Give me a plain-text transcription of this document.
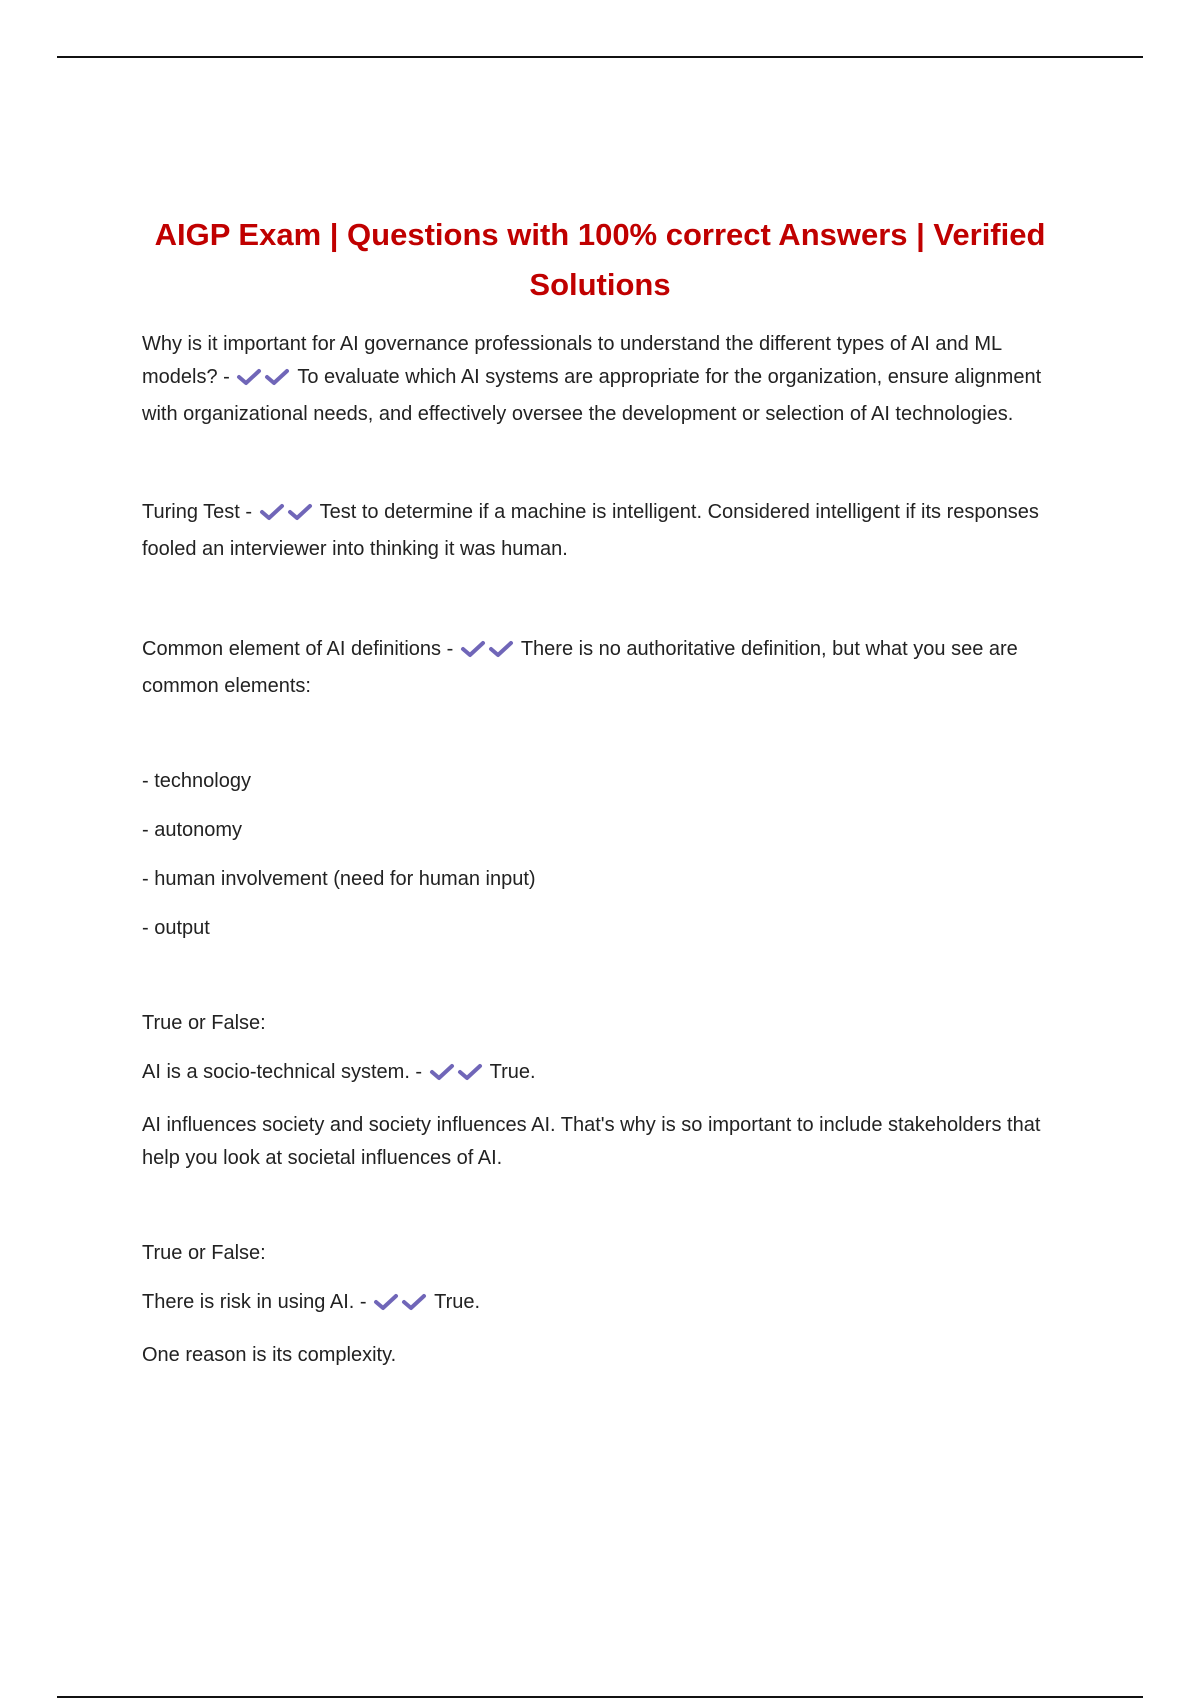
AIGP Exam | Questions with 100% correct Answers | Verified Solutions

Why is it important for AI governance professionals to understand the different types of AI and ML models? -	To evaluate which AI systems are appropriate for the organization, ensure alignment with organizational needs, and effectively oversee the development or selection of AI technologies.

Turing Test -	Test to determine if a machine is intelligent. Considered intelligent if its responses fooled an interviewer into thinking it was human.

Common element of AI definitions -	There is no authoritative definition, but what you see are common elements:

- technology

- autonomy

- human involvement (need for human input)

- output

True or False:

AI is a socio-technical system. -	True.

AI influences society and society influences AI. That's why is so important to include stakeholders that help you look at societal influences of AI.

True or False:

There is risk in using AI. -	True.

One reason is its complexity.
